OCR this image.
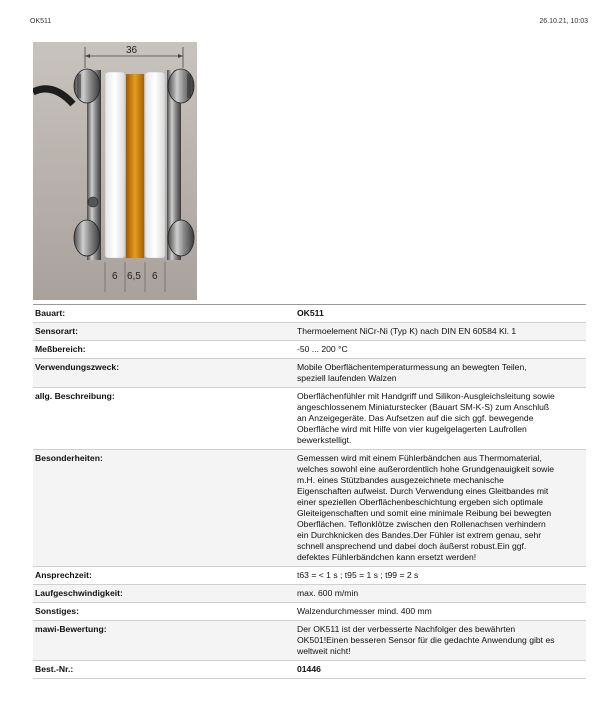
OK511	26.10.21, 10:03
36
6 6,5 6
Bauart:	OK511
Sensorart:	Thermoelement NiCr-Ni (Typ K) nach DIN EN 60584 Kl. 1
Meßbereich:	-50 ... 200 °C
Verwendungszweck:	Mobile Oberflächentemperaturmessung an bewegten Teilen, speziell laufenden Walzen
allg. Beschreibung:	Oberflächenfühler mit Handgriff und Silikon-Ausgleichsleitung sowie angeschlossenem Miniaturstecker (Bauart SM-K-S) zum Anschluß an Anzeigegeräte. Das Aufsetzen auf die sich ggf. bewegende Oberfläche wird mit Hilfe von vier kugelgelagerten Laufrollen bewerkstelligt.
Besonderheiten:	Gemessen wird mit einem Fühlerbändchen aus Thermomaterial, welches sowohl eine außerordentlich hohe Grundgenauigkeit sowie m.H. eines Stützbandes ausgezeichnete mechanische Eigenschaften aufweist. Durch Verwendung eines Gleitbandes mit einer speziellen Oberflächenbeschichtung ergeben sich optimale Gleiteigenschaften und somit eine minimale Reibung bei bewegten Oberflächen. Teflonklötze zwischen den Rollenachsen verhindern ein Durchknicken des Bandes.Der Fühler ist extrem genau, sehr schnell ansprechend und dabei doch äußerst robust.Ein ggf. defektes Fühlerbändchen kann ersetzt werden!
Ansprechzeit:	t63 = < 1 s ; t95 = 1 s ; t99 = 2 s
Laufgeschwindigkeit:	max. 600 m/min
Sonstiges:	Walzendurchmesser mind. 400 mm
mawi-Bewertung:	Der OK511 ist der verbesserte Nachfolger des bewährten OK501!Einen besseren Sensor für die gedachte Anwendung gibt es weltweit nicht!
Best.-Nr.:	01446
